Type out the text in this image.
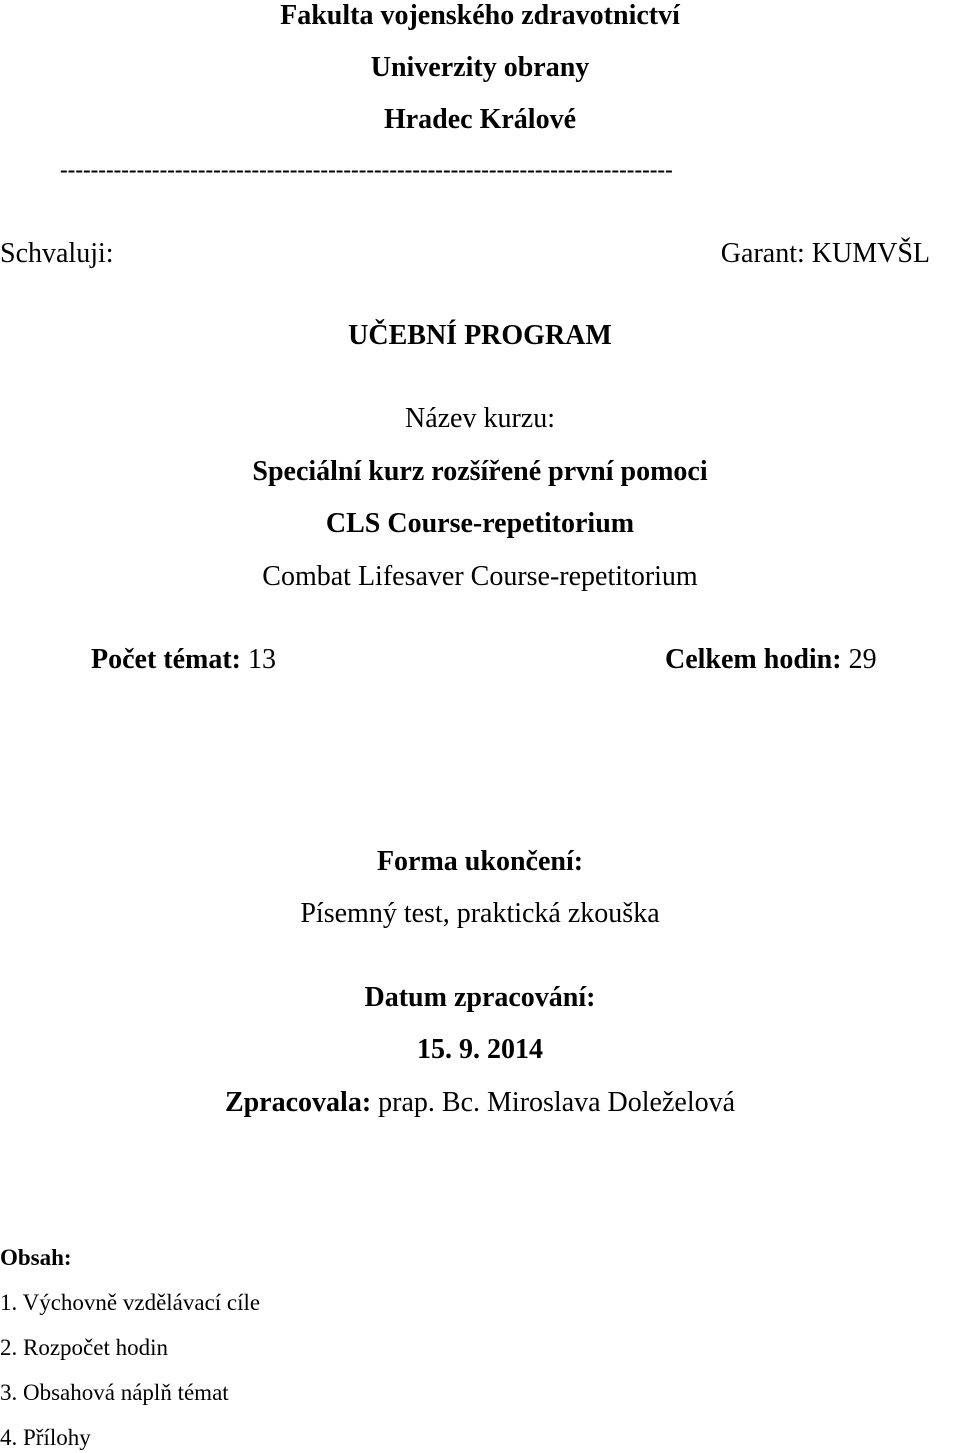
Fakulta vojenského zdravotnictví
Univerzity obrany
Hradec Králové
--------------------------------------------------------------------------------
Schvaluji:	Garant: KUMVŠL
UČEBNÍ PROGRAM
Název kurzu:
Speciální kurz rozšířené první pomoci
CLS Course-repetitorium
Combat Lifesaver Course-repetitorium
Počet témat: 13	Celkem hodin: 29
Forma ukončení:
Písemný test, praktická zkouška
Datum zpracování:
15. 9. 2014
Zpracovala: prap. Bc. Miroslava Doleželová
Obsah:
1. Výchovně vzdělávací cíle
2. Rozpočet hodin
3. Obsahová náplň témat
4. Přílohy
